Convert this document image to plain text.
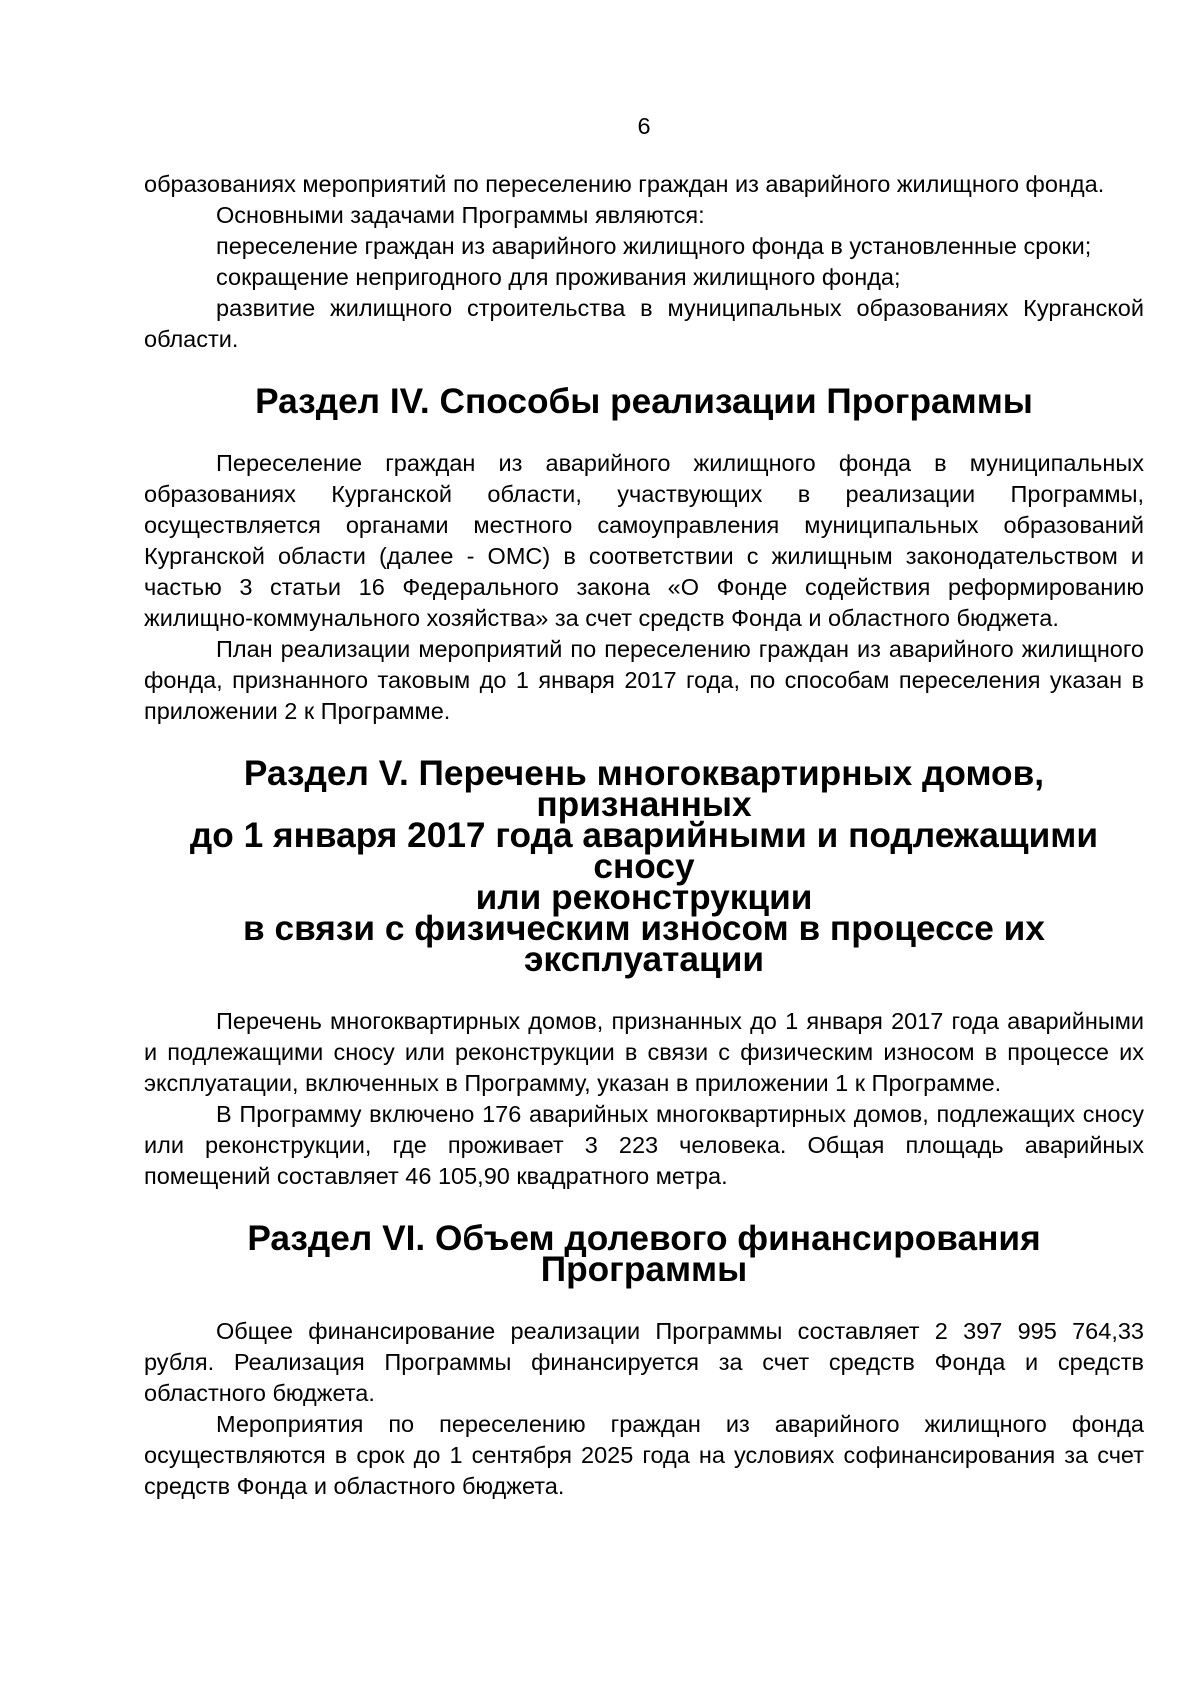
6

образованиях мероприятий по переселению граждан из аварийного жилищного фонда.

Основными задачами Программы являются:

переселение граждан из аварийного жилищного фонда в установленные сроки;

сокращение непригодного для проживания жилищного фонда;

развитие жилищного строительства в муниципальных образованиях Курганской области.

Раздел IV. Способы реализации Программы

Переселение граждан из аварийного жилищного фонда в муниципальных образованиях Курганской области, участвующих в реализации Программы, осуществляется органами местного самоуправления муниципальных образований Курганской области (далее - ОМС) в соответствии с жилищным законодательством и частью 3 статьи 16 Федерального закона «О Фонде содействия реформированию жилищно-коммунального хозяйства» за счет средств Фонда и областного бюджета.

План реализации мероприятий по переселению граждан из аварийного жилищного фонда, признанного таковым до 1 января 2017 года, по способам переселения указан в приложении 2 к Программе.

Раздел V. Перечень многоквартирных домов, признанных
до 1 января 2017 года аварийными и подлежащими сносу
или реконструкции
в связи с физическим износом в процессе их эксплуатации

Перечень многоквартирных домов, признанных до 1 января 2017 года аварийными и подлежащими сносу или реконструкции в связи с физическим износом в процессе их эксплуатации, включенных в Программу, указан в приложении 1 к Программе.

В Программу включено 176 аварийных многоквартирных домов, подлежащих сносу или реконструкции, где проживает 3 223 человека. Общая площадь аварийных помещений составляет 46 105,90 квадратного метра.

Раздел VI. Объем долевого финансирования Программы

Общее финансирование реализации Программы составляет 2 397 995 764,33 рубля. Реализация Программы финансируется за счет средств Фонда и средств областного бюджета.

Мероприятия по переселению граждан из аварийного жилищного фонда осуществляются в срок до 1 сентября 2025 года на условиях софинансирования за счет средств Фонда и областного бюджета.
